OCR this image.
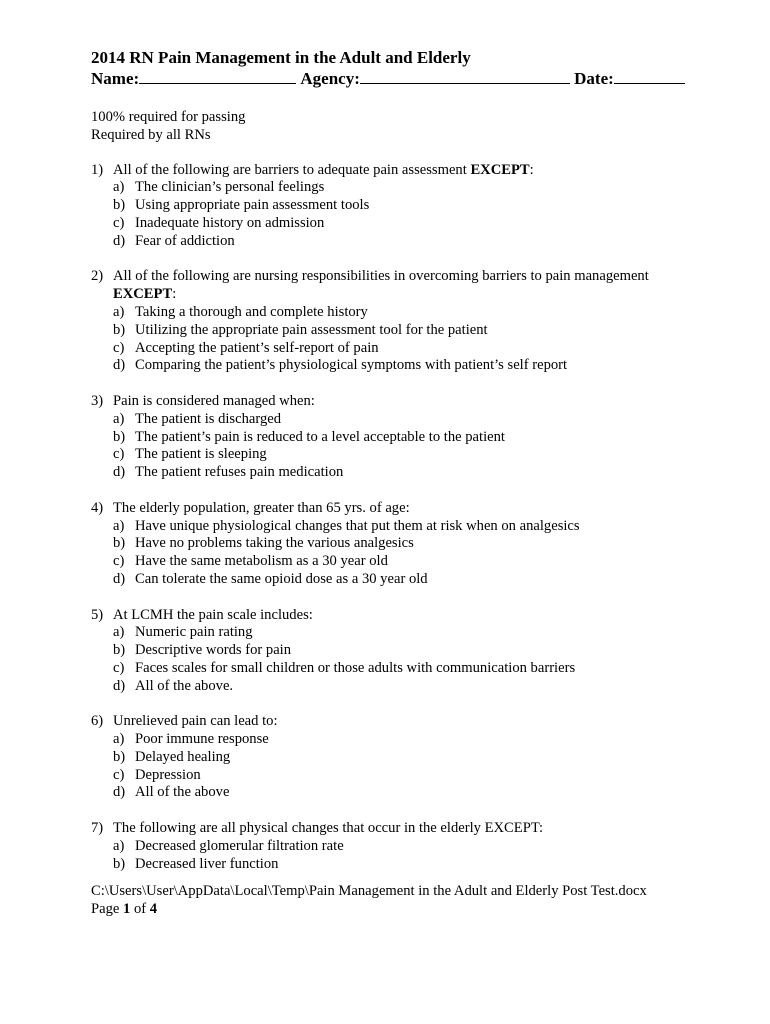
2014 RN Pain Management in the Adult and Elderly

Name:	Agency:	Date:

100% required for passing
Required by all RNs
1) All of the following are barriers to adequate pain assessment EXCEPT:
a) The clinician’s personal feelings
b) Using appropriate pain assessment tools
c) Inadequate history on admission
d) Fear of addiction
2) All of the following are nursing responsibilities in overcoming barriers to pain management EXCEPT:
a) Taking a thorough and complete history
b) Utilizing the appropriate pain assessment tool for the patient
c) Accepting the patient’s self-report of pain
d) Comparing the patient’s physiological symptoms with patient’s self report
3) Pain is considered managed when:
a) The patient is discharged
b) The patient’s pain is reduced to a level acceptable to the patient
c) The patient is sleeping
d) The patient refuses pain medication
4) The elderly population, greater than 65 yrs. of age:
a) Have unique physiological changes that put them at risk when on analgesics
b) Have no problems taking the various analgesics
c) Have the same metabolism as a 30 year old
d) Can tolerate the same opioid dose as a 30 year old
5) At LCMH the pain scale includes:
a) Numeric pain rating
b) Descriptive words for pain
c) Faces scales for small children or those adults with communication barriers
d) All of the above.
6) Unrelieved pain can lead to:
a) Poor immune response
b) Delayed healing
c) Depression
d) All of the above
7) The following are all physical changes that occur in the elderly EXCEPT:
a) Decreased glomerular filtration rate
b) Decreased liver function
C:\Users\User\AppData\Local\Temp\Pain Management in the Adult and Elderly Post Test.docx
Page 1 of 4
